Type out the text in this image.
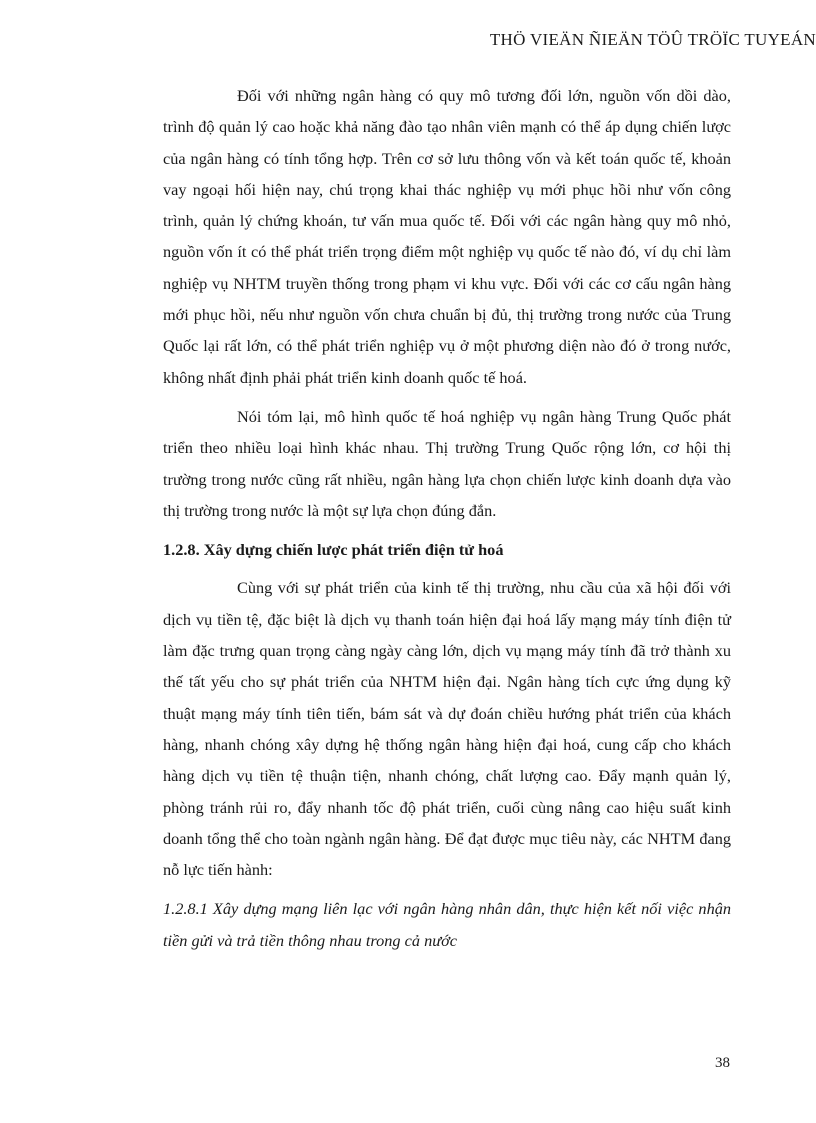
THÖ VIEÄN ÑIEÄN TÖÛ TRÖÏC TUYEÁN

Đối với những ngân hàng có quy mô tương đối lớn, nguồn vốn dồi dào, trình độ quản lý cao hoặc khả năng đào tạo nhân viên mạnh có thể áp dụng chiến lược của ngân hàng có tính tổng hợp. Trên cơ sở lưu thông vốn và kết toán quốc tế, khoản vay ngoại hối hiện nay, chú trọng khai thác nghiệp vụ mới phục hồi như vốn công trình, quản lý chứng khoán, tư vấn mua quốc tế. Đối với các ngân hàng quy mô nhỏ, nguồn vốn ít có thể phát triển trọng điểm một nghiệp vụ quốc tế nào đó, ví dụ chỉ làm nghiệp vụ NHTM truyền thống trong phạm vi khu vực. Đối với các cơ cấu ngân hàng mới phục hồi, nếu như nguồn vốn chưa chuẩn bị đủ, thị trường trong nước của Trung Quốc lại rất lớn, có thể phát triển nghiệp vụ ở một phương diện nào đó ở trong nước, không nhất định phải phát triển kinh doanh quốc tế hoá.

Nói tóm lại, mô hình quốc tế hoá nghiệp vụ ngân hàng Trung Quốc phát triển theo nhiều loại hình khác nhau. Thị trường Trung Quốc rộng lớn, cơ hội thị trường trong nước cũng rất nhiều, ngân hàng lựa chọn chiến lược kinh doanh dựa vào thị trường trong nước là một sự lựa chọn đúng đắn.

1.2.8. Xây dựng chiến lược phát triển điện tử hoá

Cùng với sự phát triển của kinh tế thị trường, nhu cầu của xã hội đối với dịch vụ tiền tệ, đặc biệt là dịch vụ thanh toán hiện đại hoá lấy mạng máy tính điện tử làm đặc trưng quan trọng càng ngày càng lớn, dịch vụ mạng máy tính đã trở thành xu thế tất yếu cho sự phát triển của NHTM hiện đại. Ngân hàng tích cực ứng dụng kỹ thuật mạng máy tính tiên tiến, bám sát và dự đoán chiều hướng phát triển của khách hàng, nhanh chóng xây dựng hệ thống ngân hàng hiện đại hoá, cung cấp cho khách hàng dịch vụ tiền tệ thuận tiện, nhanh chóng, chất lượng cao. Đẩy mạnh quản lý, phòng tránh rủi ro, đẩy nhanh tốc độ phát triển, cuối cùng nâng cao hiệu suất kinh doanh tổng thể cho toàn ngành ngân hàng. Để đạt được mục tiêu này, các NHTM đang nỗ lực tiến hành:

1.2.8.1 Xây dựng mạng liên lạc với ngân hàng nhân dân, thực hiện kết nối việc nhận tiền gửi và trả tiền thông nhau trong cả nước

38
